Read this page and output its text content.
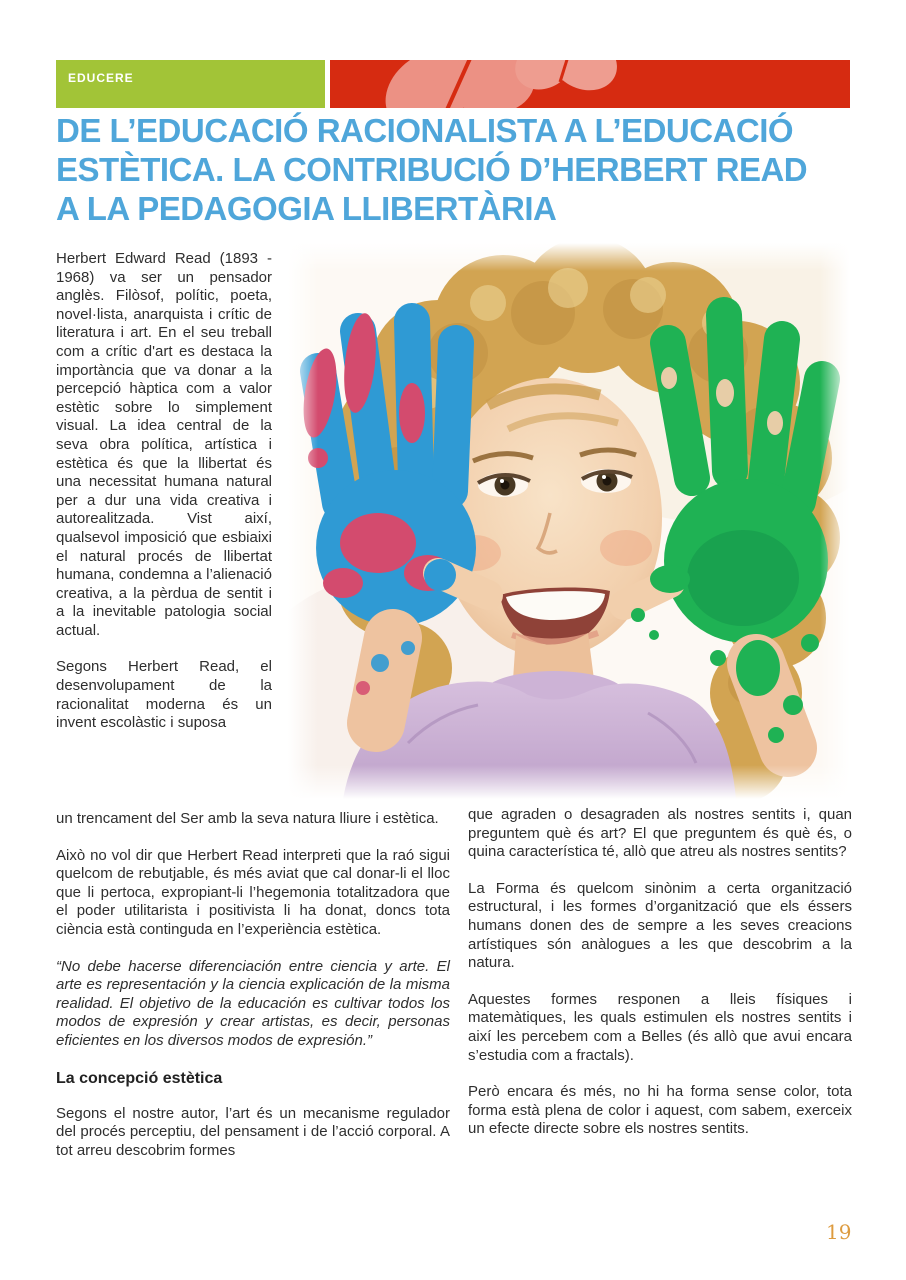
EDUCERE
DE L’EDUCACIÓ RACIONALISTA A L’EDUCACIÓ
ESTÈTICA. LA CONTRIBUCIÓ D’HERBERT READ
A LA PEDAGOGIA LLIBERTÀRIA

Herbert Edward Read (1893 - 1968) va ser un pensador anglès. Filòsof, polític, poeta, novel·lista, anarquista i crític de literatura i art. En el seu treball com a crític d'art es destaca la importància que va donar a la percepció hàptica com a valor estètic sobre lo simplement visual. La idea central de la seva obra política, artística i estètica és que la llibertat és una necessitat humana natural per a dur una vida creativa i autorealitzada. Vist així, qualsevol imposició que esbiaixi el natural procés de llibertat humana, condemna a l’alienació creativa, a la pèrdua de sentit i a la inevitable patologia social actual.

Segons Herbert Read, el desenvolupament de la racionalitat moderna és un invent escolàstic i suposa

un trencament del Ser amb la seva natura lliure i estètica.

Això no vol dir que Herbert Read interpreti que la raó sigui quelcom de rebutjable, és més aviat que cal donar-li el lloc que li pertoca, expropiant-li l’hegemonia totalitzadora que el poder utilitarista i positivista li ha donat, doncs tota ciència està continguda en l’experiència estètica.

“No debe hacerse diferenciación entre ciencia y arte. El arte es representación y la ciencia explicación de la misma realidad. El objetivo de la educación es cultivar todos los modos de expresión y crear artistas, es decir, personas eficientes en los diversos modos de expresión.”

La concepció estètica

Segons el nostre autor, l’art és un mecanisme regulador del procés perceptiu, del pensament i de l’acció corporal. A tot arreu descobrim formes

que agraden o desagraden als nostres sentits i, quan preguntem què és art? El que preguntem és què és, o quina característica té, allò que atreu als nostres sentits?

La Forma és quelcom sinònim a certa organització estructural, i les formes d’organització que els éssers humans donen des de sempre a les seves creacions artístiques són anàlogues a les que descobrim a la natura.

Aquestes formes responen a lleis físiques i matemàtiques, les quals estimulen els nostres sentits i així les percebem com a Belles (és allò que avui encara s’estudia com a fractals).

Però encara és més, no hi ha forma sense color, tota forma està plena de color i aquest, com sabem, exerceix un efecte directe sobre els nostres sentits.

19
